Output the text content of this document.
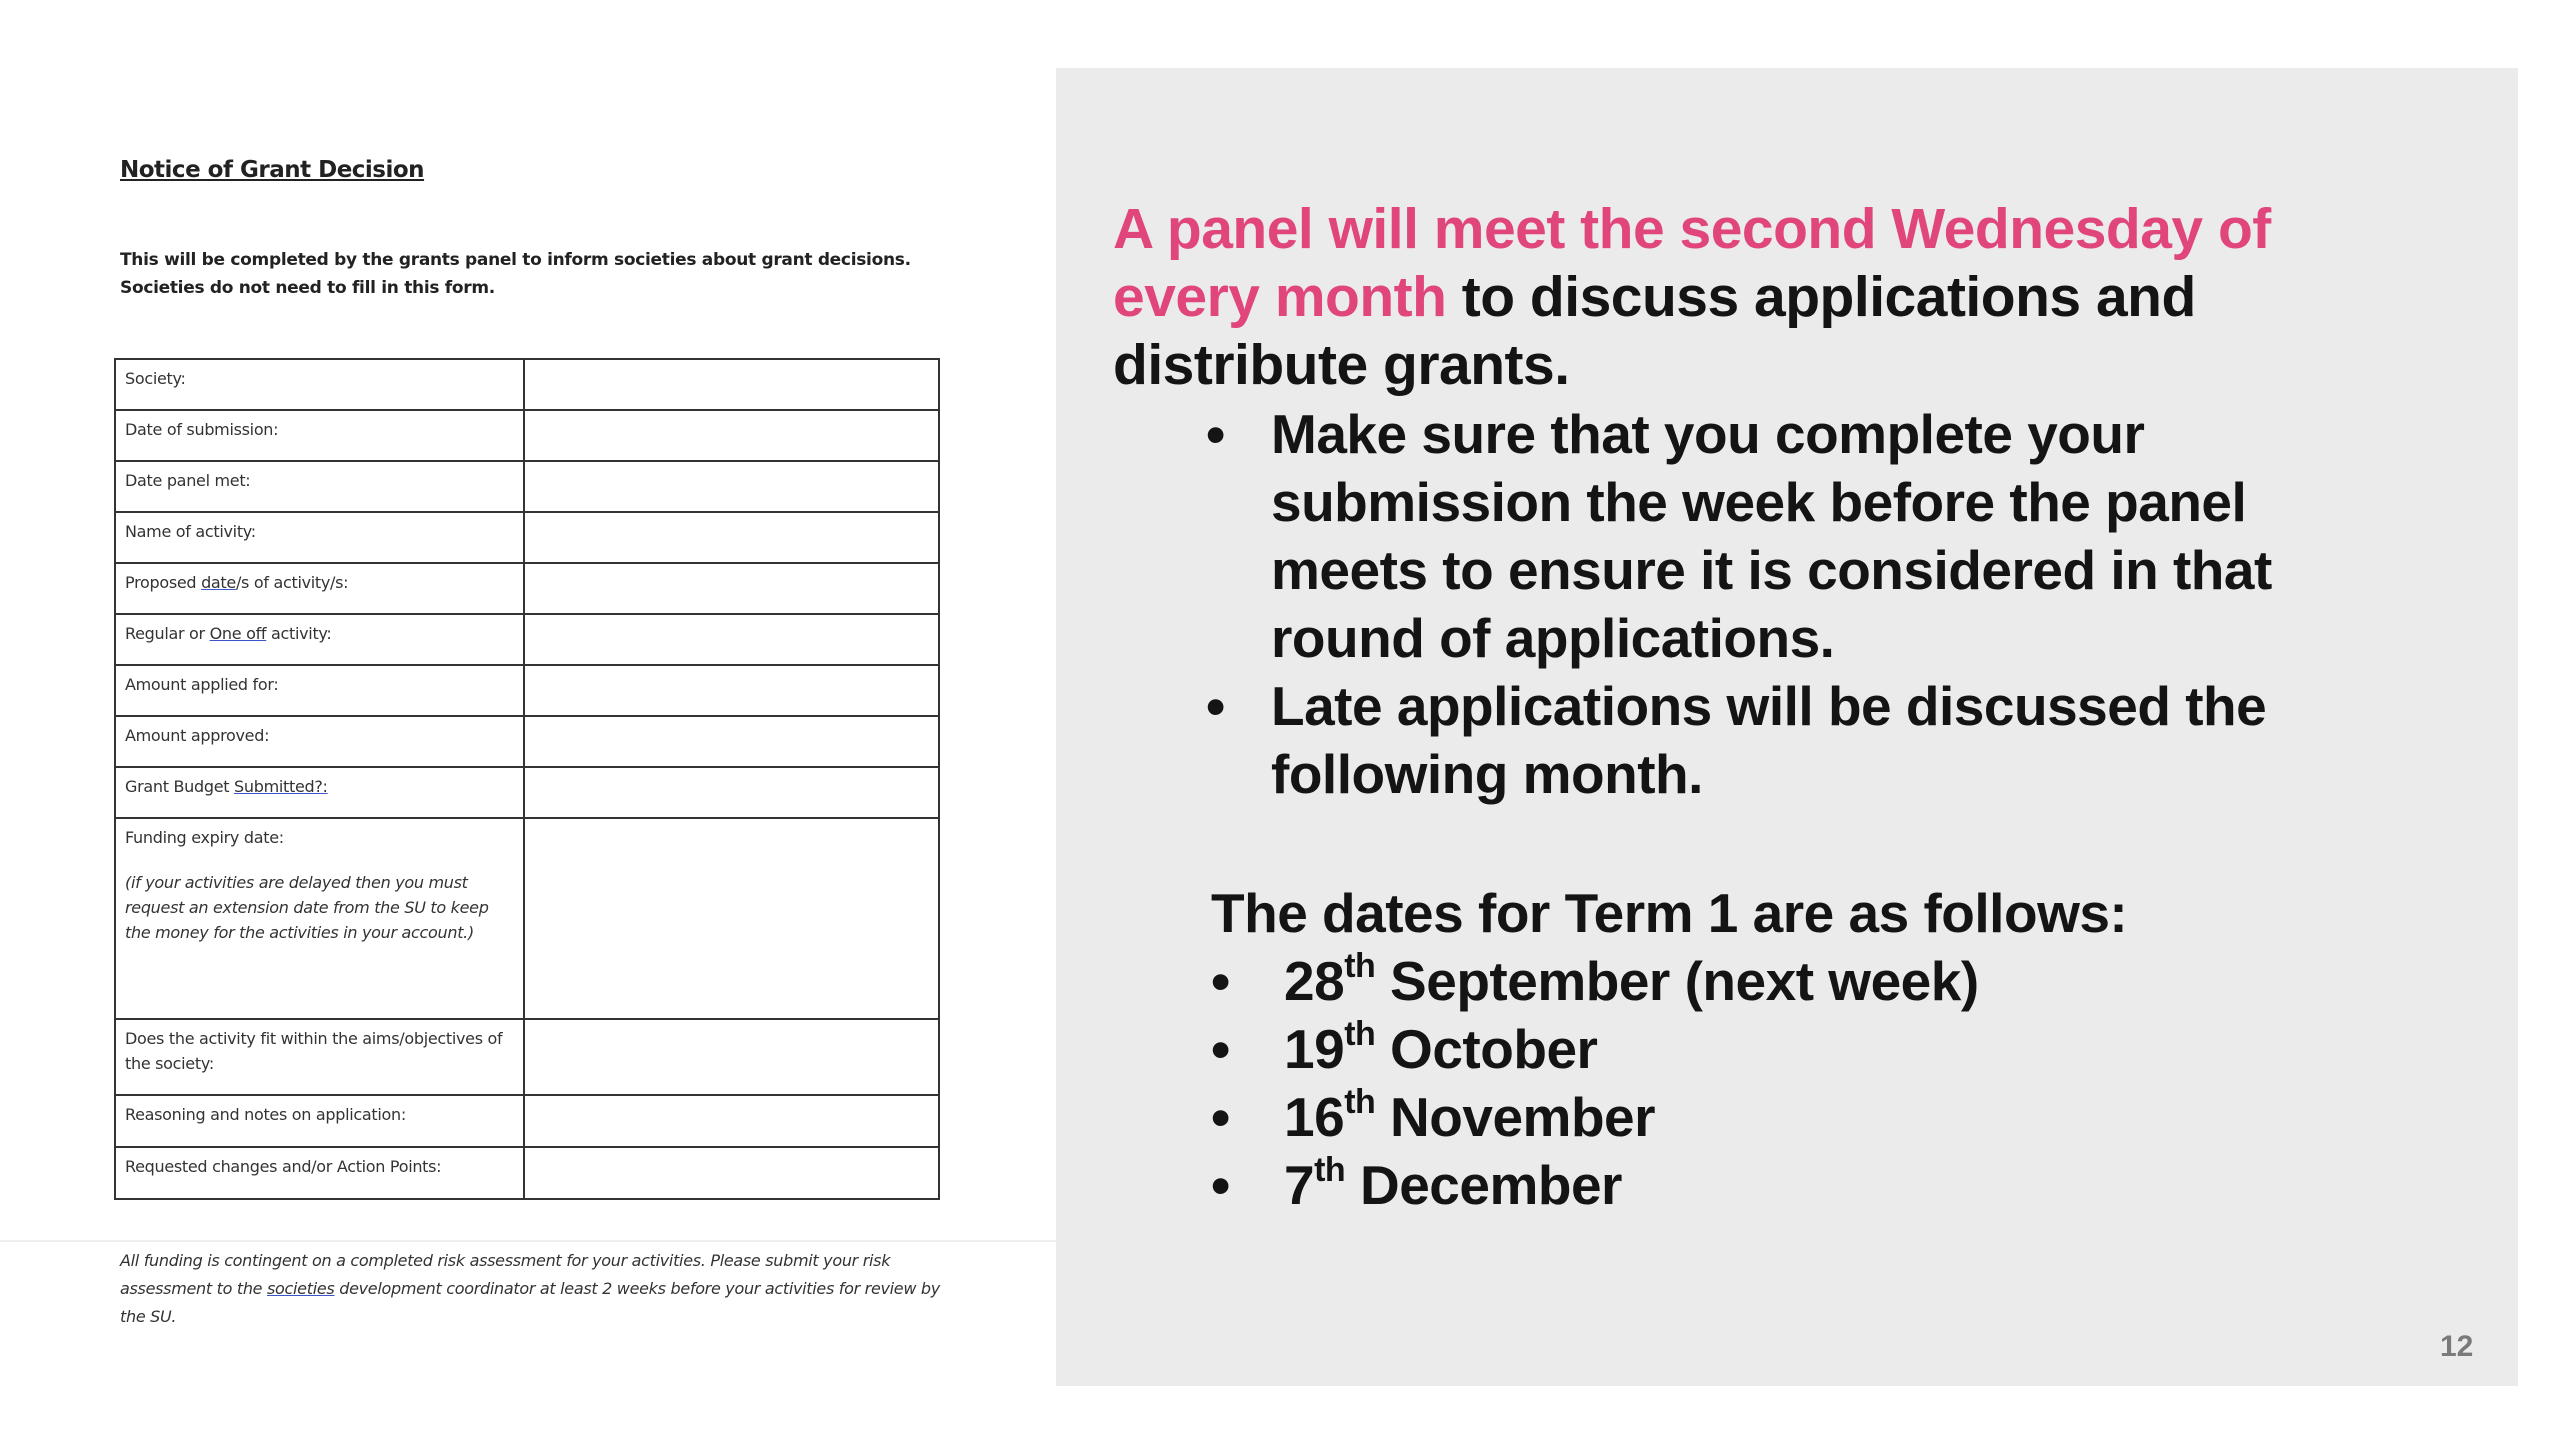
Notice of Grant Decision
This will be completed by the grants panel to inform societies about grant decisions. Societies do not need to fill in this form.
Society:	
Date of submission:	
Date panel met:	
Name of activity:	
Proposed date/s of activity/s:	
Regular or One off activity:	
Amount applied for:	
Amount approved:	
Grant Budget Submitted?:	
Funding expiry date:
(if your activities are delayed then you must request an extension date from the SU to keep the money for the activities in your account.)	

Does the activity fit within the aims/objectives of the society:	
Reasoning and notes on application:	
Requested changes and/or Action Points:	
All funding is contingent on a completed risk assessment for your activities. Please submit your risk assessment to the societies development coordinator at least 2 weeks before your activities for review by the SU.
A panel will meet the second Wednesday of every month to discuss applications and distribute grants.
• Make sure that you complete your submission the week before the panel meets to ensure it is considered in that round of applications.
• Late applications will be discussed the following month.
The dates for Term 1 are as follows:
• 28th September (next week)
• 19th October
• 16th November
• 7th December
12
